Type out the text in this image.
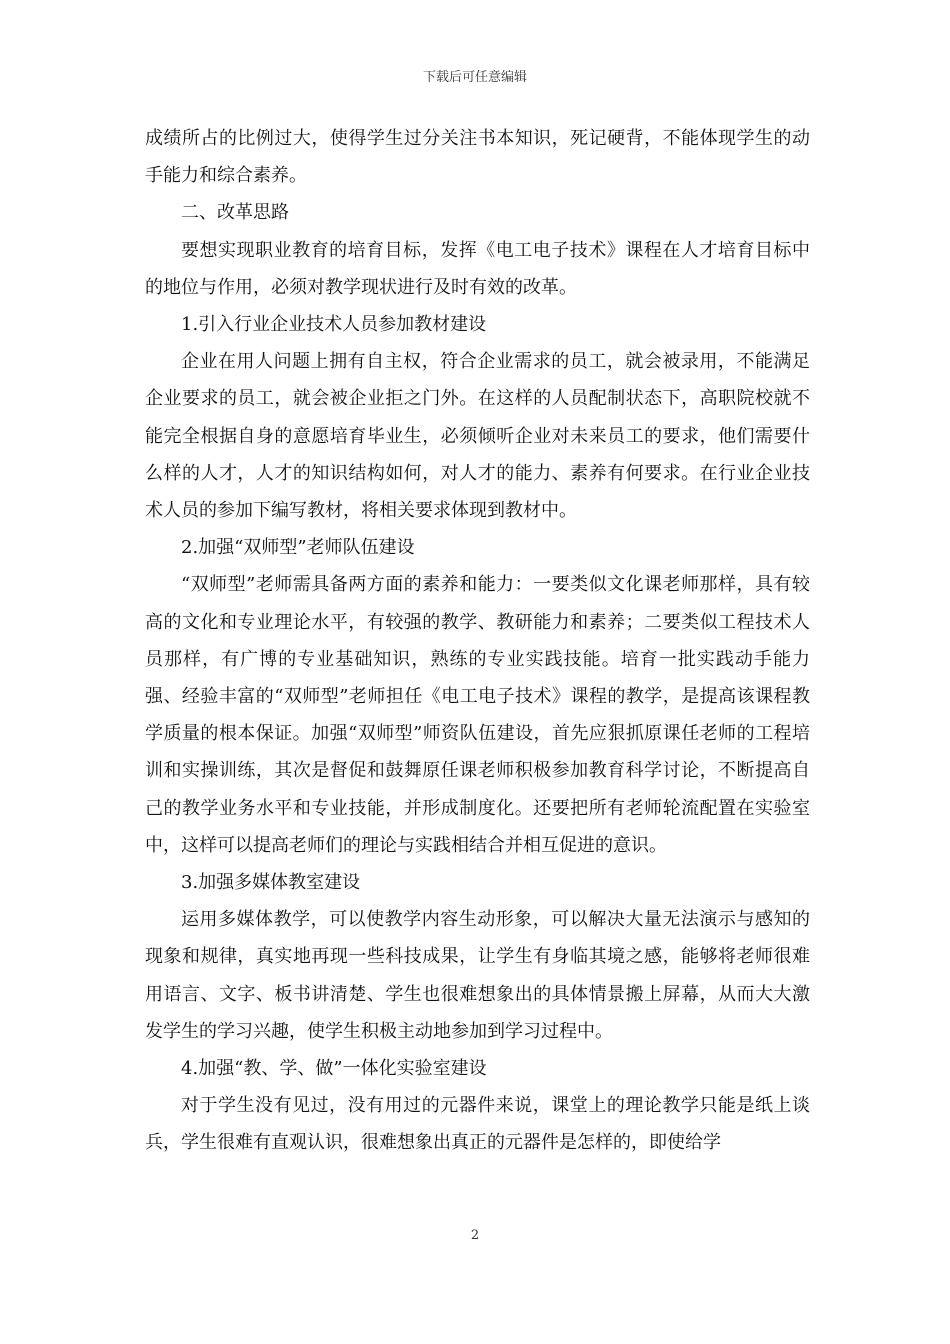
下载后可任意编辑

成绩所占的比例过大，使得学生过分关注书本知识，死记硬背，不能体现学生的动手能力和综合素养。

二、改革思路

要想实现职业教育的培育目标，发挥《电工电子技术》课程在人才培育目标中的地位与作用，必须对教学现状进行及时有效的改革。

1.引入行业企业技术人员参加教材建设

企业在用人问题上拥有自主权，符合企业需求的员工，就会被录用，不能满足企业要求的员工，就会被企业拒之门外。在这样的人员配制状态下，高职院校就不能完全根据自身的意愿培育毕业生，必须倾听企业对未来员工的要求，他们需要什么样的人才，人才的知识结构如何，对人才的能力、素养有何要求。在行业企业技术人员的参加下编写教材，将相关要求体现到教材中。

2.加强“双师型”老师队伍建设

“双师型”老师需具备两方面的素养和能力：一要类似文化课老师那样，具有较高的文化和专业理论水平，有较强的教学、教研能力和素养；二要类似工程技术人员那样，有广博的专业基础知识，熟练的专业实践技能。培育一批实践动手能力强、经验丰富的“双师型”老师担任《电工电子技术》课程的教学，是提高该课程教学质量的根本保证。加强“双师型”师资队伍建设，首先应狠抓原课任老师的工程培训和实操训练，其次是督促和鼓舞原任课老师积极参加教育科学讨论，不断提高自己的教学业务水平和专业技能，并形成制度化。还要把所有老师轮流配置在实验室中，这样可以提高老师们的理论与实践相结合并相互促进的意识。

3.加强多媒体教室建设

运用多媒体教学，可以使教学内容生动形象，可以解决大量无法演示与感知的现象和规律，真实地再现一些科技成果，让学生有身临其境之感，能够将老师很难用语言、文字、板书讲清楚、学生也很难想象出的具体情景搬上屏幕，从而大大激发学生的学习兴趣，使学生积极主动地参加到学习过程中。

4.加强“教、学、做”一体化实验室建设

对于学生没有见过，没有用过的元器件来说，课堂上的理论教学只能是纸上谈兵，学生很难有直观认识，很难想象出真正的元器件是怎样的，即使给学

2
